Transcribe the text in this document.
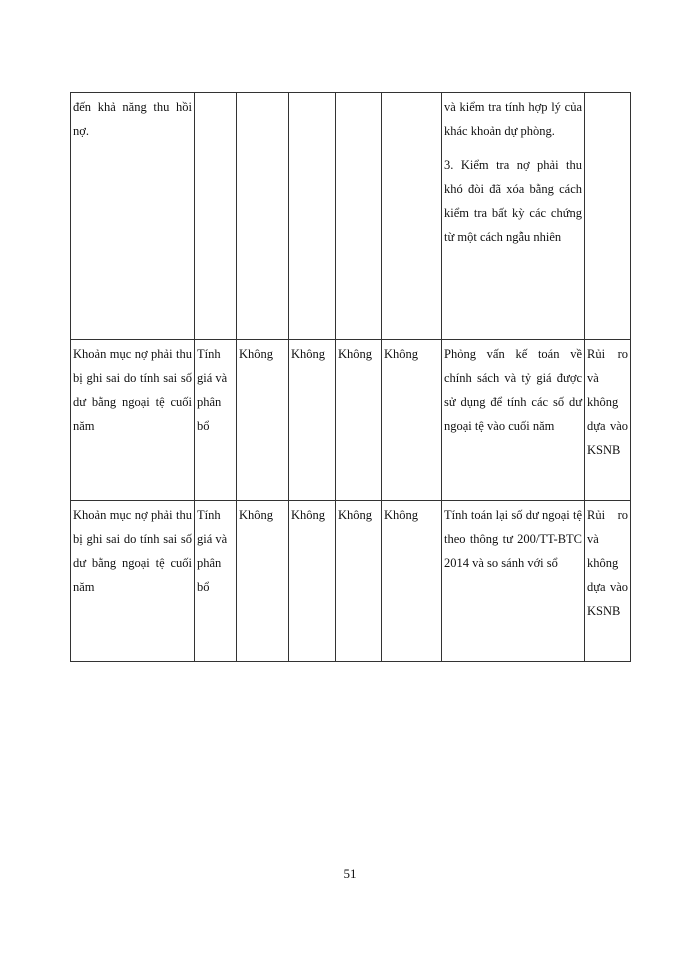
đến khả năng thu hồi nợ.						và kiểm tra tính hợp lý của khác khoản dự phòng.
3. Kiểm tra nợ phải thu khó đòi đã xóa bằng cách kiểm tra bất kỳ các chứng từ một cách ngẫu nhiên	

Khoản mục nợ phải thu bị ghi sai do tính sai số dư bằng ngoại tệ cuối năm	Tính giá và phân bổ	Không	Không	Không	Không	Phỏng vấn kế toán về chính sách và tỷ giá được sử dụng để tính các số dư ngoại tệ vào cuối năm	Rủi ro và không dựa vào KSNB
Khoản mục nợ phải thu bị ghi sai do tính sai số dư bằng ngoại tệ cuối năm	Tính giá và phân bổ	Không	Không	Không	Không	Tính toán lại số dư ngoại tệ theo thông tư 200/TT-BTC 2014 và so sánh với sổ	Rủi ro và không dựa vào KSNB
51
